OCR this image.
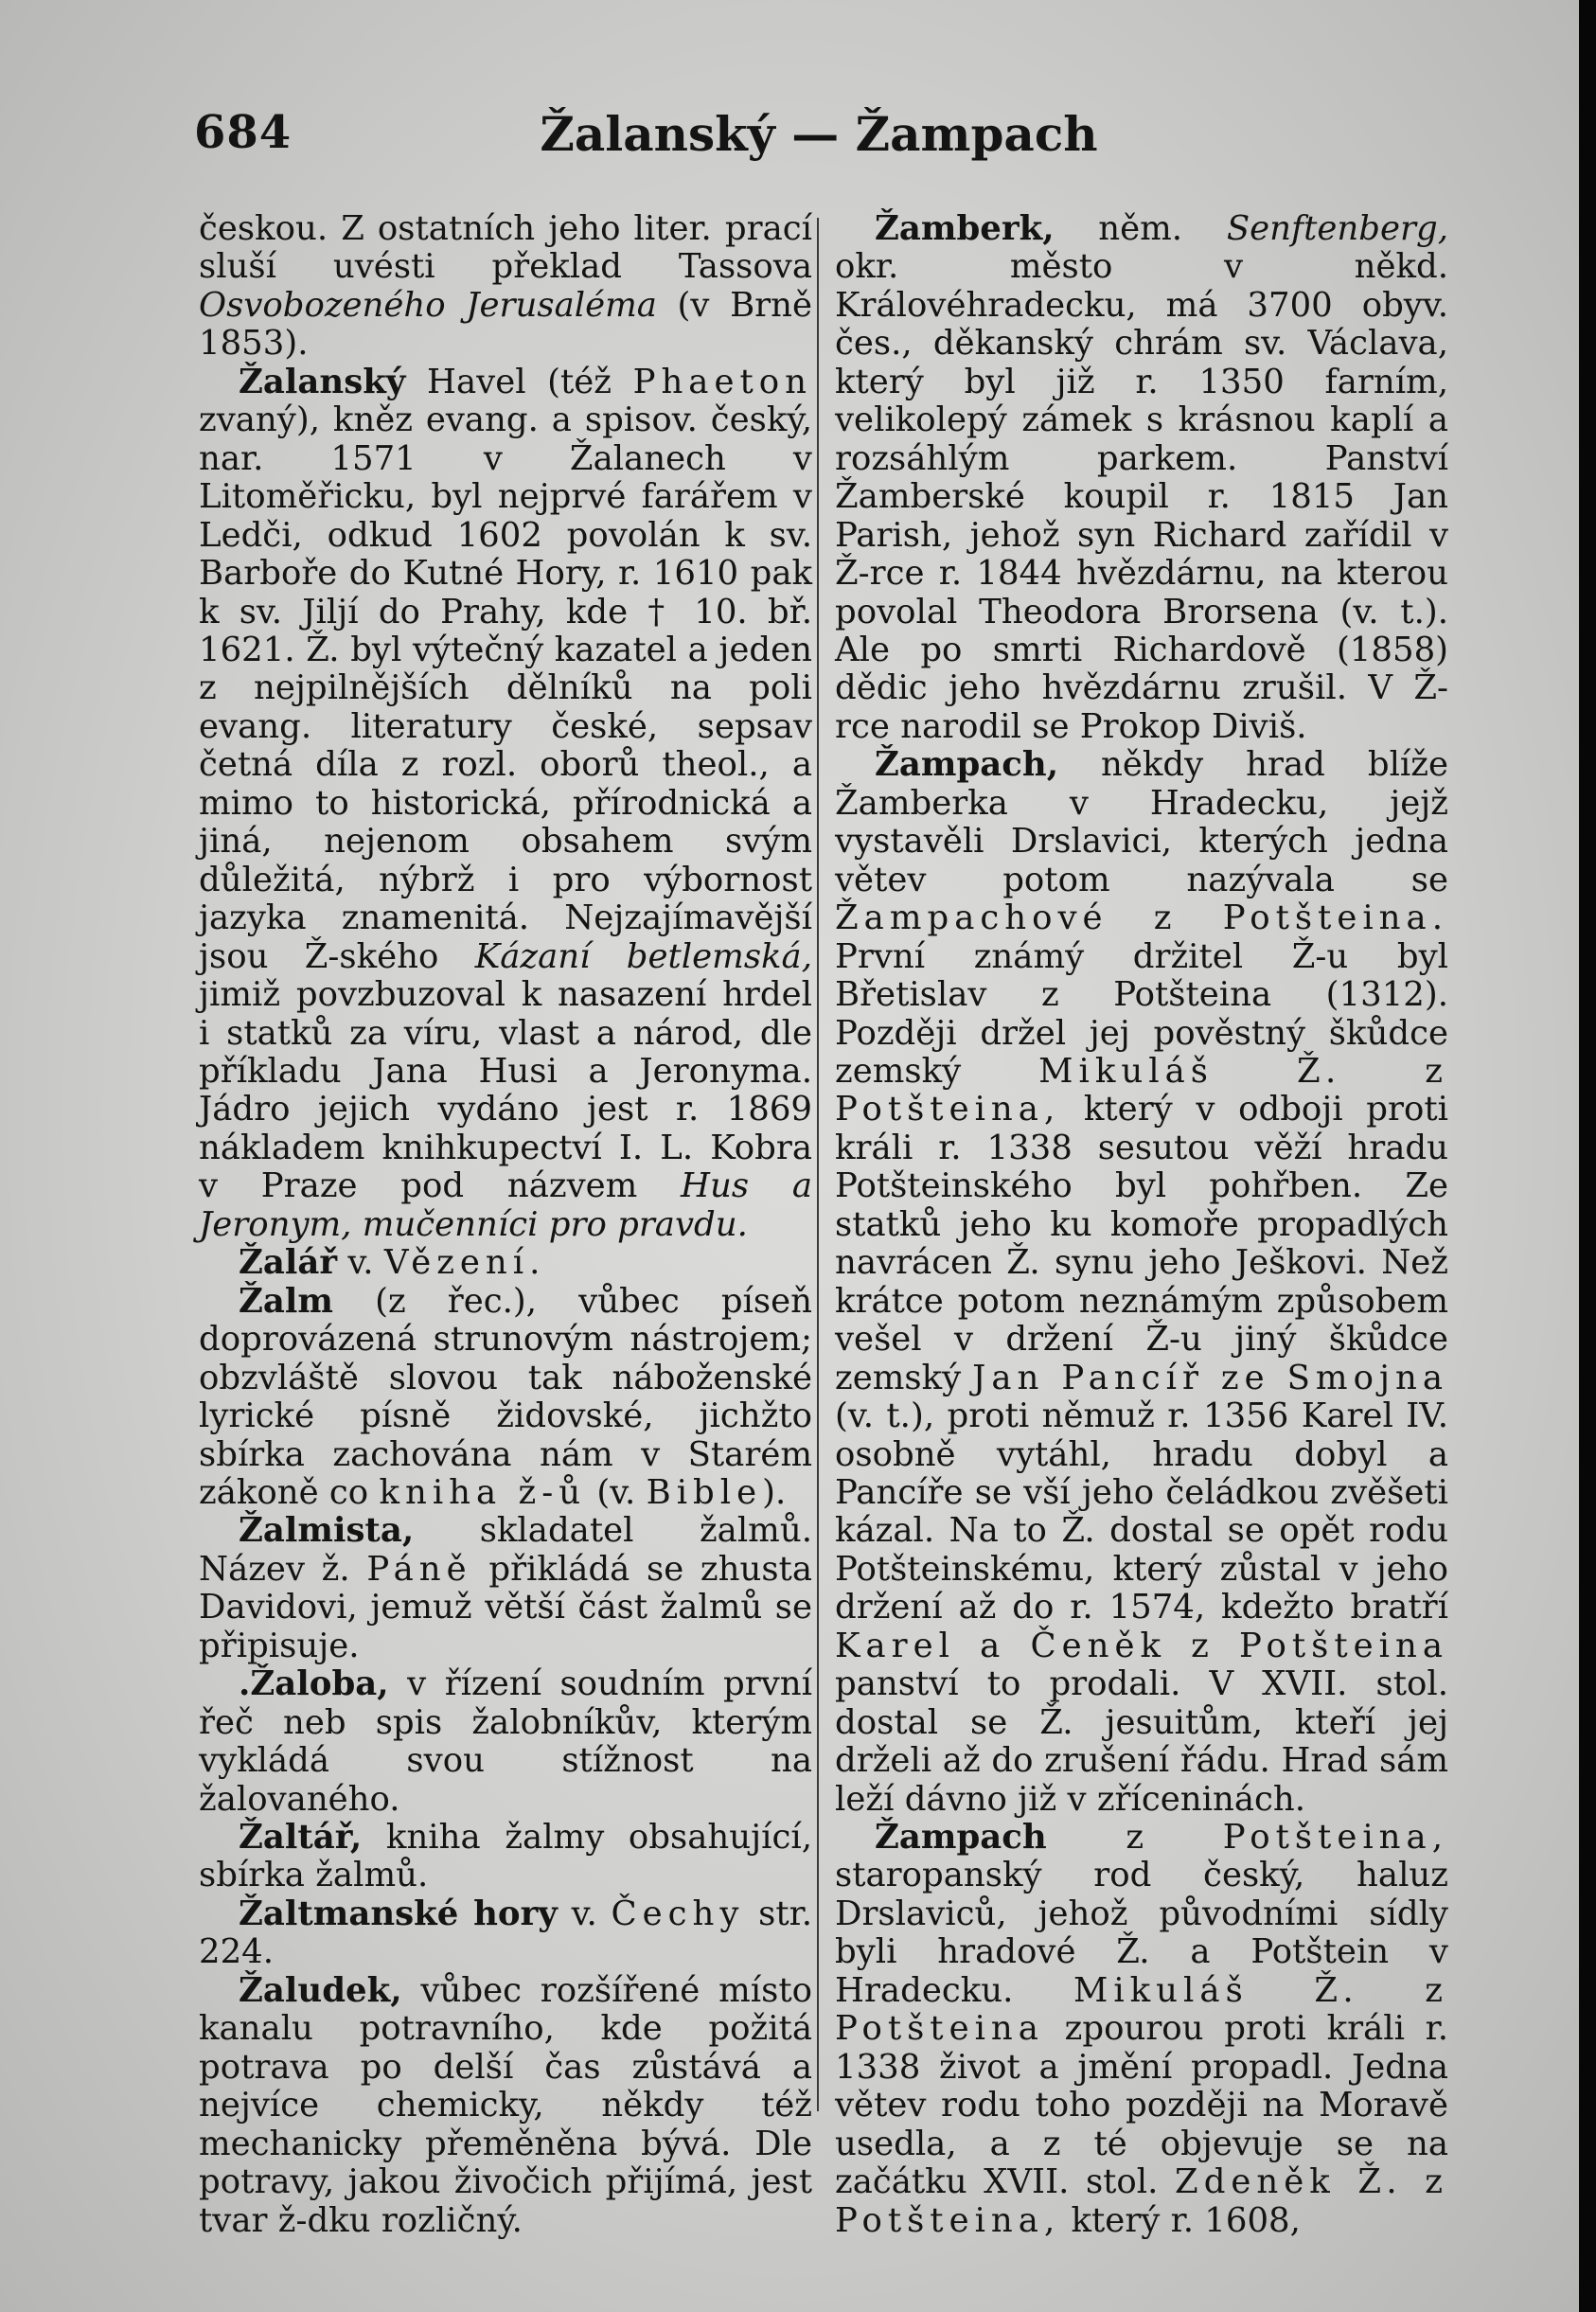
684	Žalanský — Žampach

českou. Z ostatních jeho liter. prací sluší uvésti překlad Tassova Osvobozeného Jerusaléma (v Brně 1853).

Žalanský Havel (též Phaeton zvaný), kněz evang. a spisov. český, nar. 1571 v Žalanech v Litoměřicku, byl nejprvé farářem v Ledči, odkud 1602 povolán k sv. Barboře do Kutné Hory, r. 1610 pak k sv. Jiljí do Prahy, kde † 10. bř. 1621. Ž. byl výtečný kazatel a jeden z nejpilnějších dělníků na poli evang. literatury české, sepsav četná díla z rozl. oborů theol., a mimo to historická, přírodnická a jiná, nejenom obsahem svým důležitá, nýbrž i pro výbornost jazyka znamenitá. Nejzajímavější jsou Ž-ského Kázaní betlemská, jimiž povzbuzoval k nasazení hrdel i statků za víru, vlast a národ, dle příkladu Jana Husi a Jeronyma. Jádro jejich vydáno jest r. 1869 nákladem knihkupectví I. L. Kobra v Praze pod názvem Hus a Jeronym, mučenníci pro pravdu.

Žalář v. Vězení.

Žalm (z řec.), vůbec píseň doprovázená strunovým nástrojem; obzvláště slovou tak náboženské lyrické písně židovské, jichžto sbírka zachována nám v Starém zákoně co kniha ž-ů (v. Bible).

Žalmista, skladatel žalmů. Název ž. Páně přikládá se zhusta Davidovi, jemuž větší část žalmů se připisuje.

.Žaloba, v řízení soudním první řeč neb spis žalobníkův, kterým vykládá svou stížnost na žalovaného.

Žaltář, kniha žalmy obsahující, sbírka žalmů.

Žaltmanské hory v. Čechy str. 224.

Žaludek, vůbec rozšířené místo kanalu potravního, kde požitá potrava po delší čas zůstává a nejvíce chemicky, někdy též mechanicky přeměněna bývá. Dle potravy, jakou živočich přijímá, jest tvar ž-dku rozličný.

Žamberk, něm. Senftenberg, okr. město v někd. Královéhradecku, má 3700 obyv. čes., děkanský chrám sv. Václava, který byl již r. 1350 farním, velikolepý zámek s krásnou kaplí a rozsáhlým parkem. Panství Žamberské koupil r. 1815 Jan Parish, jehož syn Richard zařídil v Ž-rce r. 1844 hvězdárnu, na kterou povolal Theodora Brorsena (v. t.). Ale po smrti Richardově (1858) dědic jeho hvězdárnu zrušil. V Ž-rce narodil se Prokop Diviš.

Žampach, někdy hrad blíže Žamberka v Hradecku, jejž vystavěli Drslavici, kterých jedna větev potom nazývala se Žampachové z Potšteina. První známý držitel Ž-u byl Břetislav z Potšteina (1312). Později držel jej pověstný škůdce zemský Mikuláš Ž. z Potšteina, který v odboji proti králi r. 1338 sesutou věží hradu Potšteinského byl pohřben. Ze statků jeho ku komoře propadlých navrácen Ž. synu jeho Ješkovi. Než krátce potom neznámým způsobem vešel v držení Ž-u jiný škůdce zemský Jan Pancíř ze Smojna (v. t.), proti němuž r. 1356 Karel IV. osobně vytáhl, hradu dobyl a Pancíře se vší jeho čeládkou zvěšeti kázal. Na to Ž. dostal se opět rodu Potšteinskému, který zůstal v jeho držení až do r. 1574, kdežto bratří Karel a Čeněk z Potšteina panství to prodali. V XVII. stol. dostal se Ž. jesuitům, kteří jej drželi až do zrušení řádu. Hrad sám leží dávno již v zříceninách.

Žampach z Potšteina, staropanský rod český, haluz Drslaviců, jehož původními sídly byli hradové Ž. a Potštein v Hradecku. Mikuláš Ž. z Potšteina zpourou proti králi r. 1338 život a jmění propadl. Jedna větev rodu toho později na Moravě usedla, a z té objevuje se na začátku XVII. stol. Zdeněk Ž. z Potšteina, který r. 1608,
